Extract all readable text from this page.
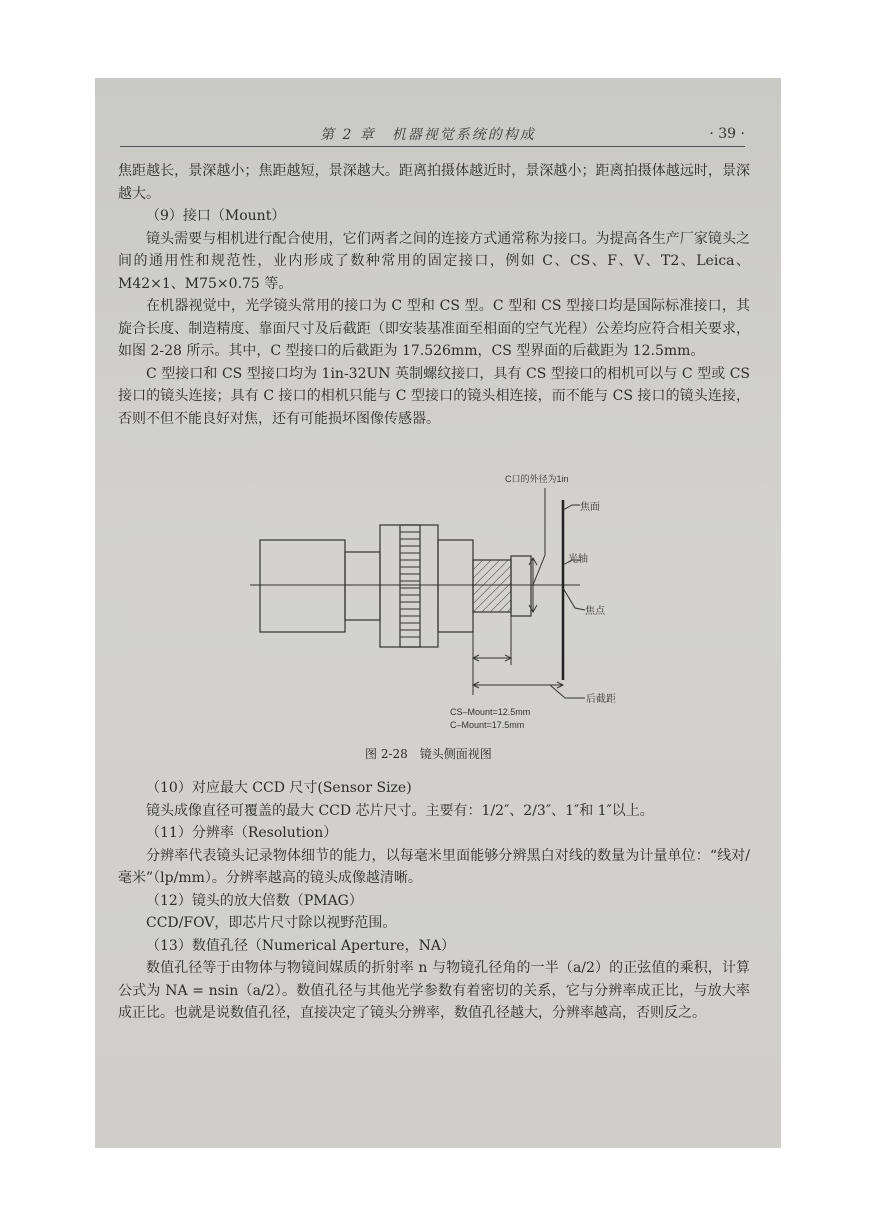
第 2 章　机器视觉系统的构成	· 39 ·

焦距越长，景深越小；焦距越短，景深越大。距离拍摄体越近时，景深越小；距离拍摄体越远时，景深越大。

（9）接口（Mount）

镜头需要与相机进行配合使用，它们两者之间的连接方式通常称为接口。为提高各生产厂家镜头之间的通用性和规范性，业内形成了数种常用的固定接口，例如 C、CS、F、V、T2、Leica、M42×1、M75×0.75 等。

在机器视觉中，光学镜头常用的接口为 C 型和 CS 型。C 型和 CS 型接口均是国际标准接口，其旋合长度、制造精度、靠面尺寸及后截距（即安装基准面至相面的空气光程）公差均应符合相关要求，如图 2-28 所示。其中，C 型接口的后截距为 17.526mm，CS 型界面的后截距为 12.5mm。

C 型接口和 CS 型接口均为 1in-32UN 英制螺纹接口，具有 CS 型接口的相机可以与 C 型或 CS 接口的镜头连接；具有 C 接口的相机只能与 C 型接口的镜头相连接，而不能与 CS 接口的镜头连接，否则不但不能良好对焦，还有可能损坏图像传感器。

C口的外径为1in
焦面
光轴
焦点
后截距
CS–Mount=12.5mm
C–Mount=17.5mm
图 2-28　镜头侧面视图

（10）对应最大 CCD 尺寸(Sensor Size)

镜头成像直径可覆盖的最大 CCD 芯片尺寸。主要有：1/2″、2/3″、1″和 1″以上。

（11）分辨率（Resolution）

分辨率代表镜头记录物体细节的能力，以每毫米里面能够分辨黑白对线的数量为计量单位：“线对/毫米”（lp/mm）。分辨率越高的镜头成像越清晰。

（12）镜头的放大倍数（PMAG）

CCD/FOV，即芯片尺寸除以视野范围。

（13）数值孔径（Numerical Aperture，NA）

数值孔径等于由物体与物镜间媒质的折射率 n 与物镜孔径角的一半（a/2）的正弦值的乘积，计算公式为 NA = nsin（a/2）。数值孔径与其他光学参数有着密切的关系，它与分辨率成正比，与放大率成正比。也就是说数值孔径，直接决定了镜头分辨率，数值孔径越大，分辨率越高，否则反之。
